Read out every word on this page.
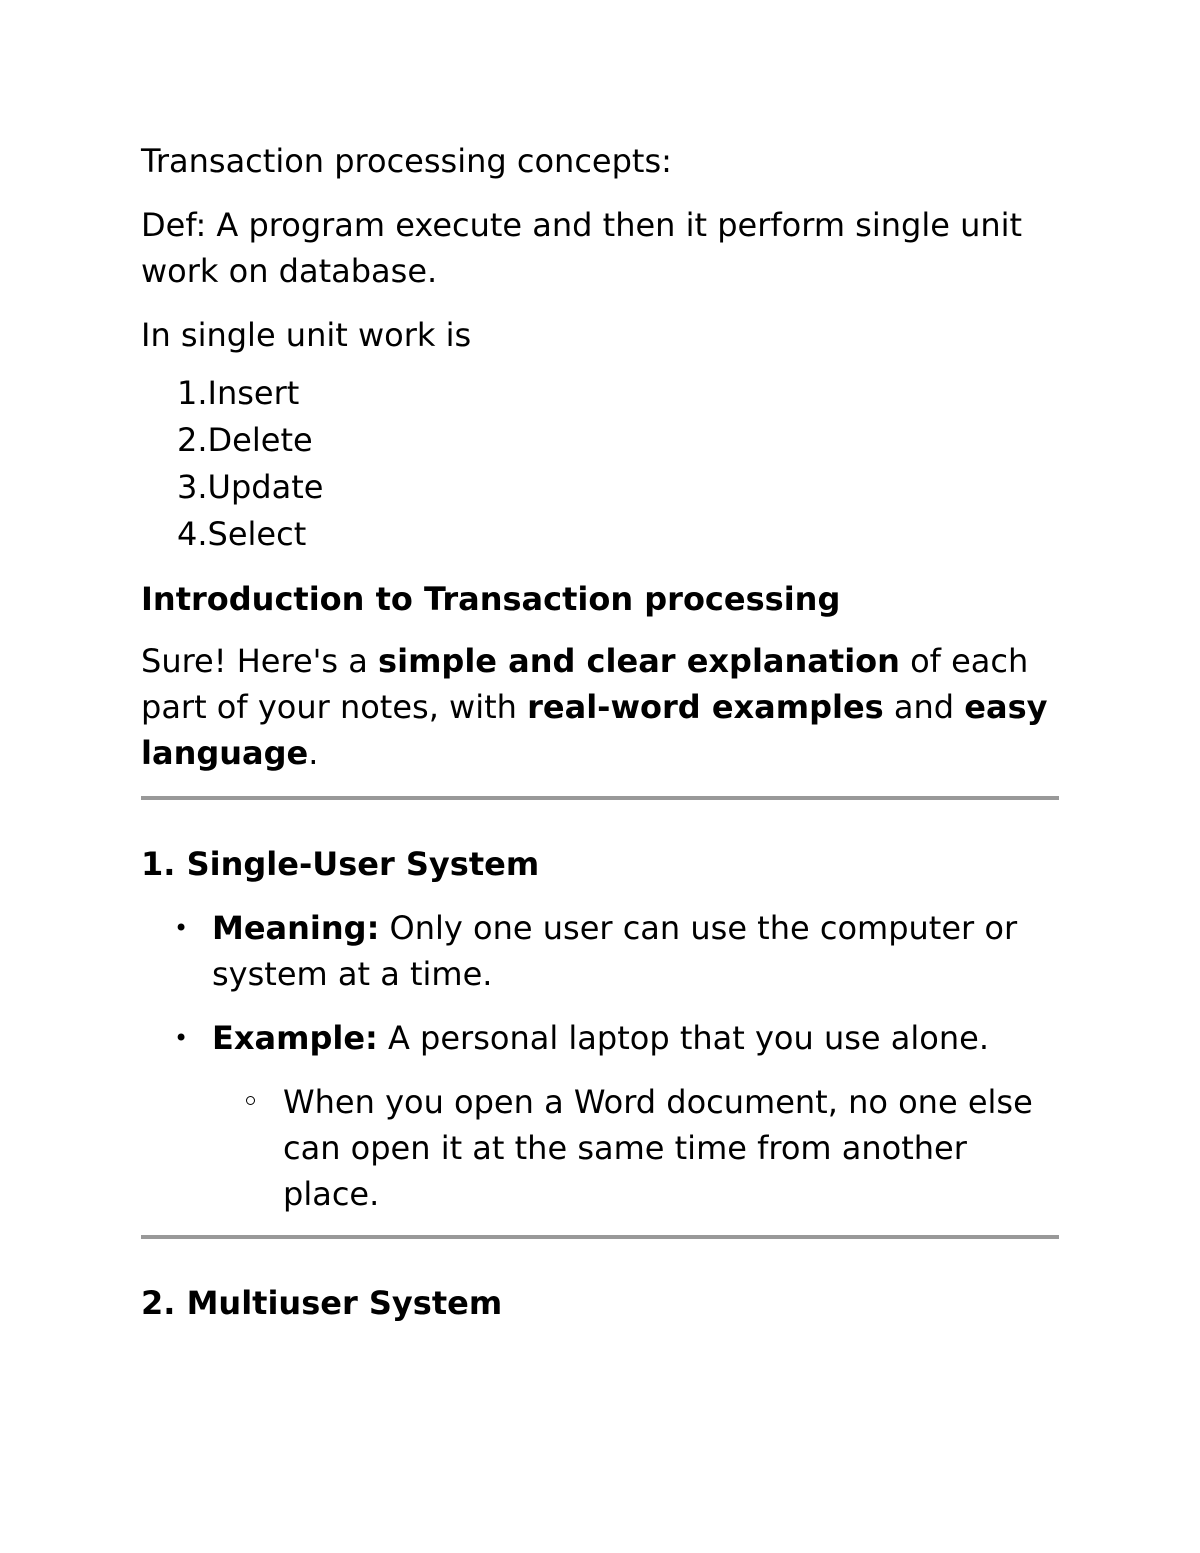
Transaction processing concepts:

Def: A program execute and then it perform single unit work on database.

In single unit work is

1.Insert
2.Delete
3.Update
4.Select

Introduction to Transaction processing

Sure! Here's a simple and clear explanation of each part of your notes, with real-word examples and easy language.

1. Single-User System

• Meaning: Only one user can use the computer or system at a time.
• Example: A personal laptop that you use alone.
When you open a Word document, no one else can open it at the same time from another place.

2. Multiuser System
